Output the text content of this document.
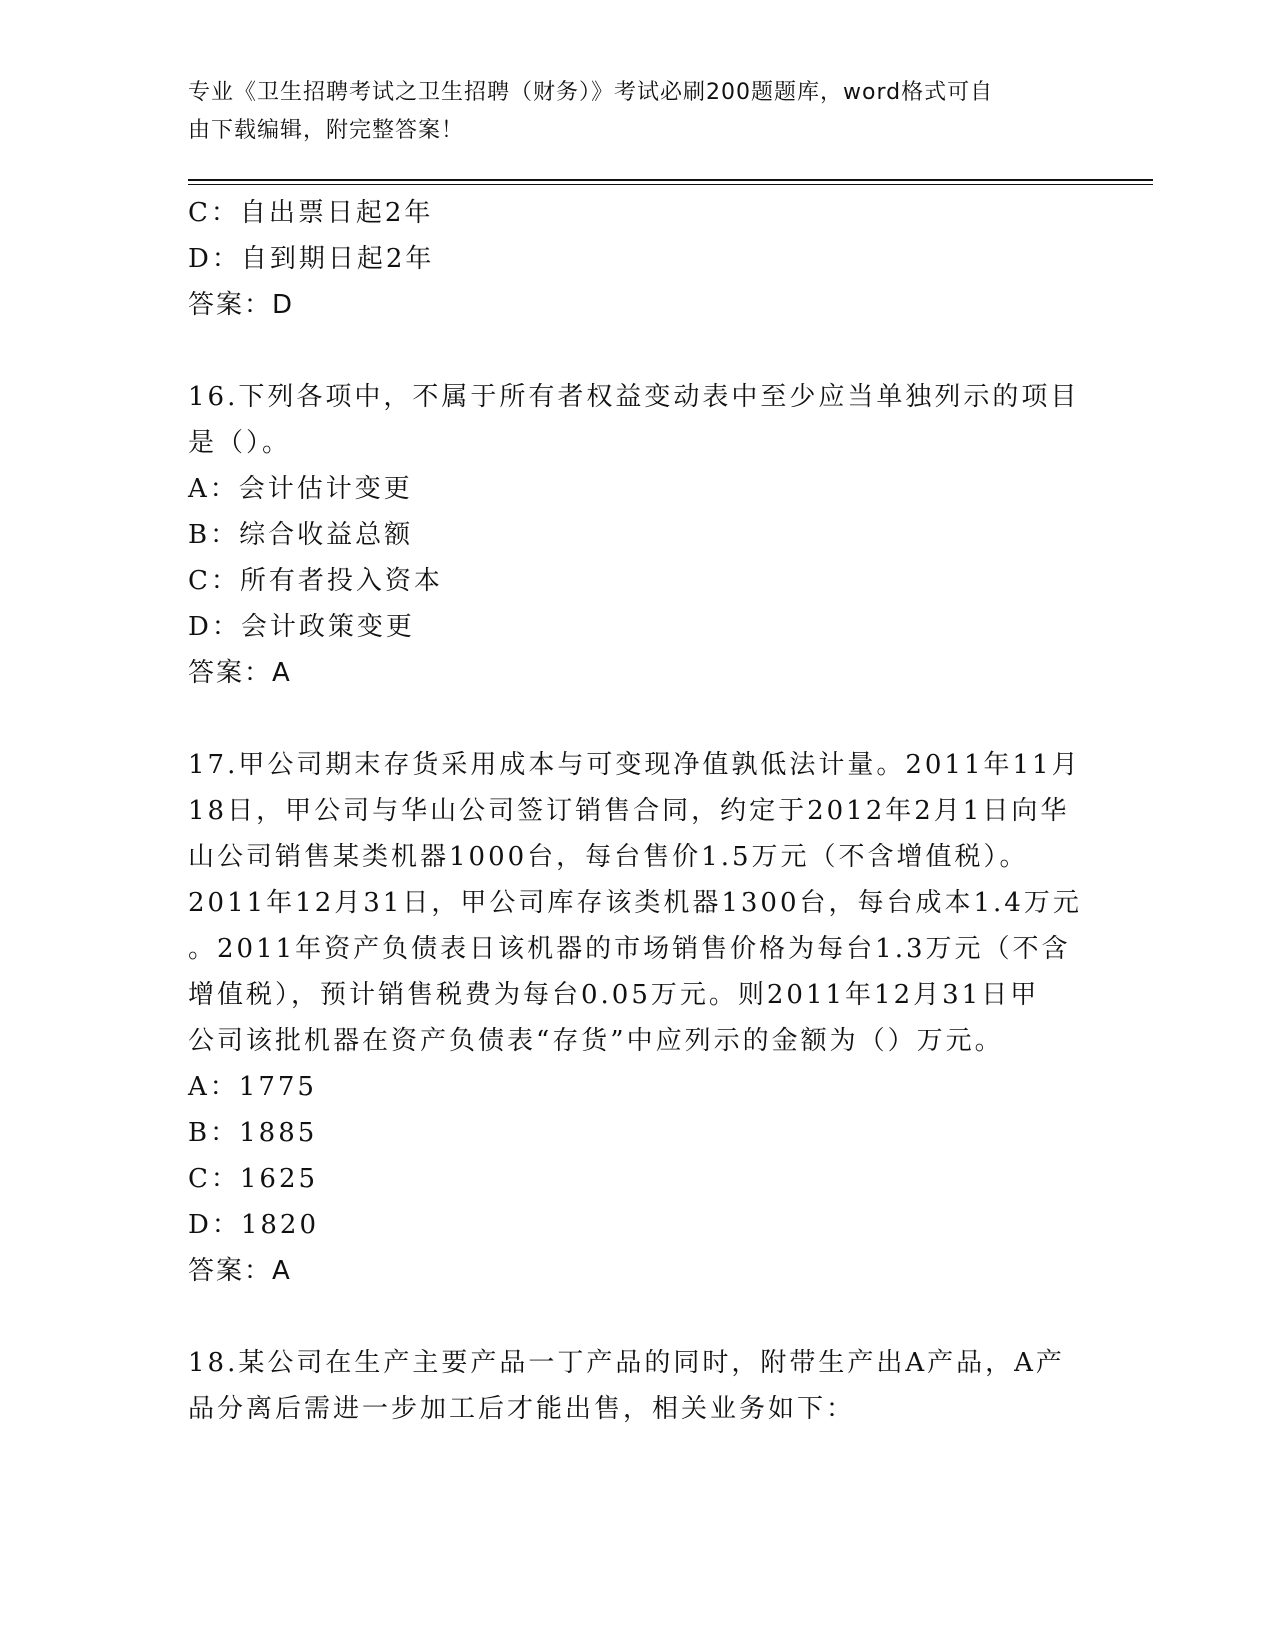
专业《卫生招聘考试之卫生招聘（财务）》考试必刷200题题库，word格式可自
由下载编辑，附完整答案！
C：自出票日起2年
D：自到期日起2年
答案：D
16.下列各项中，不属于所有者权益变动表中至少应当单独列示的项目
是（）。
A：会计估计变更
B：综合收益总额
C：所有者投入资本
D：会计政策变更
答案：A
17.甲公司期末存货采用成本与可变现净值孰低法计量。2011年11月
18日，甲公司与华山公司签订销售合同，约定于2012年2月1日向华
山公司销售某类机器1000台，每台售价1.5万元（不含增值税）。
2011年12月31日，甲公司库存该类机器1300台，每台成本1.4万元
。2011年资产负债表日该机器的市场销售价格为每台1.3万元（不含
增值税），预计销售税费为每台0.05万元。则2011年12月31日甲
公司该批机器在资产负债表“存货”中应列示的金额为（）万元。
A：1775
B：1885
C：1625
D：1820
答案：A
18.某公司在生产主要产品一丁产品的同时，附带生产出A产品，A产
品分离后需进一步加工后才能出售，相关业务如下：
